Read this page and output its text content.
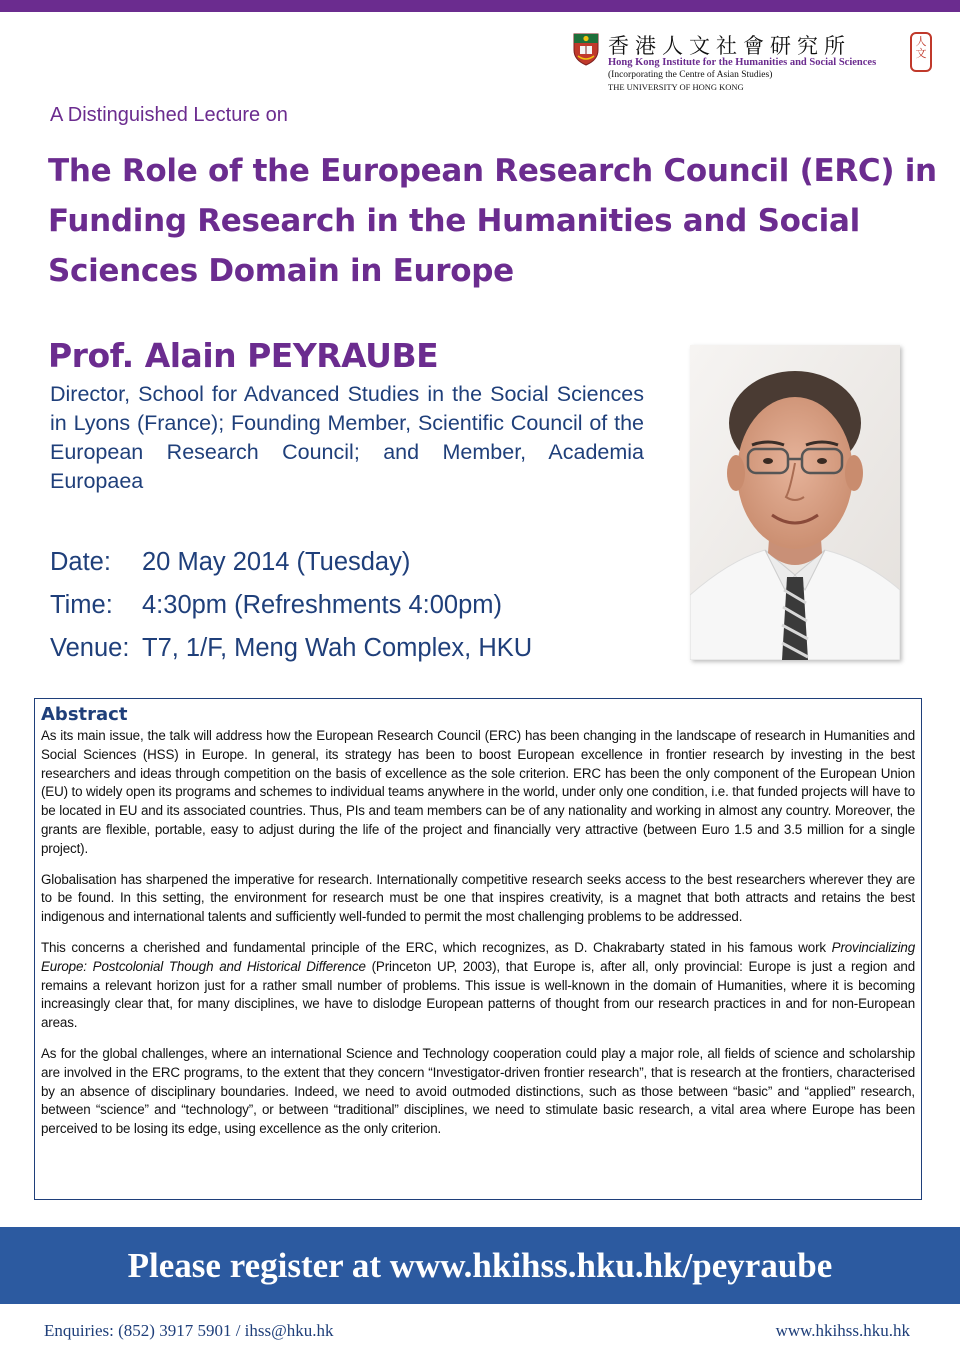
香港人文社會研究所	人
文
Hong Kong Institute for the Humanities and Social Sciences
(Incorporating the Centre of Asian Studies)
THE UNIVERSITY OF HONG KONG
A Distinguished Lecture on
The Role of the European Research Council (ERC) in Funding Research in the Humanities and Social Sciences Domain in Europe
Prof. Alain PEYRAUBE
Director, School for Advanced Studies in the Social Sciences in Lyons (France); Founding Member, Scientific Council of the European Research Council; and Member, Academia Europaea
Date: 20 May 2014 (Tuesday)
Time: 4:30pm (Refreshments 4:00pm)
Venue: T7, 1/F, Meng Wah Complex, HKU
Abstract

As its main issue, the talk will address how the European Research Council (ERC) has been changing in the landscape of research in Humanities and Social Sciences (HSS) in Europe. In general, its strategy has been to boost European excellence in frontier research by investing in the best researchers and ideas through competition on the basis of excellence as the sole criterion. ERC has been the only component of the European Union (EU) to widely open its programs and schemes to individual teams anywhere in the world, under only one condition, i.e. that funded projects will have to be located in EU and its associated countries. Thus, PIs and team members can be of any nationality and working in almost any country. Moreover, the grants are flexible, portable, easy to adjust during the life of the project and financially very attractive (between Euro 1.5 and 3.5 million for a single project).

Globalisation has sharpened the imperative for research. Internationally competitive research seeks access to the best researchers wherever they are to be found. In this setting, the environment for research must be one that inspires creativity, is a magnet that both attracts and retains the best indigenous and international talents and sufficiently well-funded to permit the most challenging problems to be addressed.

This concerns a cherished and fundamental principle of the ERC, which recognizes, as D. Chakrabarty stated in his famous work Provincializing Europe: Postcolonial Though and Historical Difference (Princeton UP, 2003), that Europe is, after all, only provincial: Europe is just a region and remains a relevant horizon just for a rather small number of problems. This issue is well-known in the domain of Humanities, where it is becoming increasingly clear that, for many disciplines, we have to dislodge European patterns of thought from our research practices in and for non-European areas.

As for the global challenges, where an international Science and Technology cooperation could play a major role, all fields of science and scholarship are involved in the ERC programs, to the extent that they concern “Investigator-driven frontier research”, that is research at the frontiers, characterised by an absence of disciplinary boundaries. Indeed, we need to avoid outmoded distinctions, such as those between “basic” and “applied” research, between “science” and “technology”, or between “traditional” disciplines, we need to stimulate basic research, a vital area where Europe has been perceived to be losing its edge, using excellence as the only criterion.

Please register at www.hkihss.hku.hk/peyraube
Enquiries: (852) 3917 5901 / ihss@hku.hk	www.hkihss.hku.hk
